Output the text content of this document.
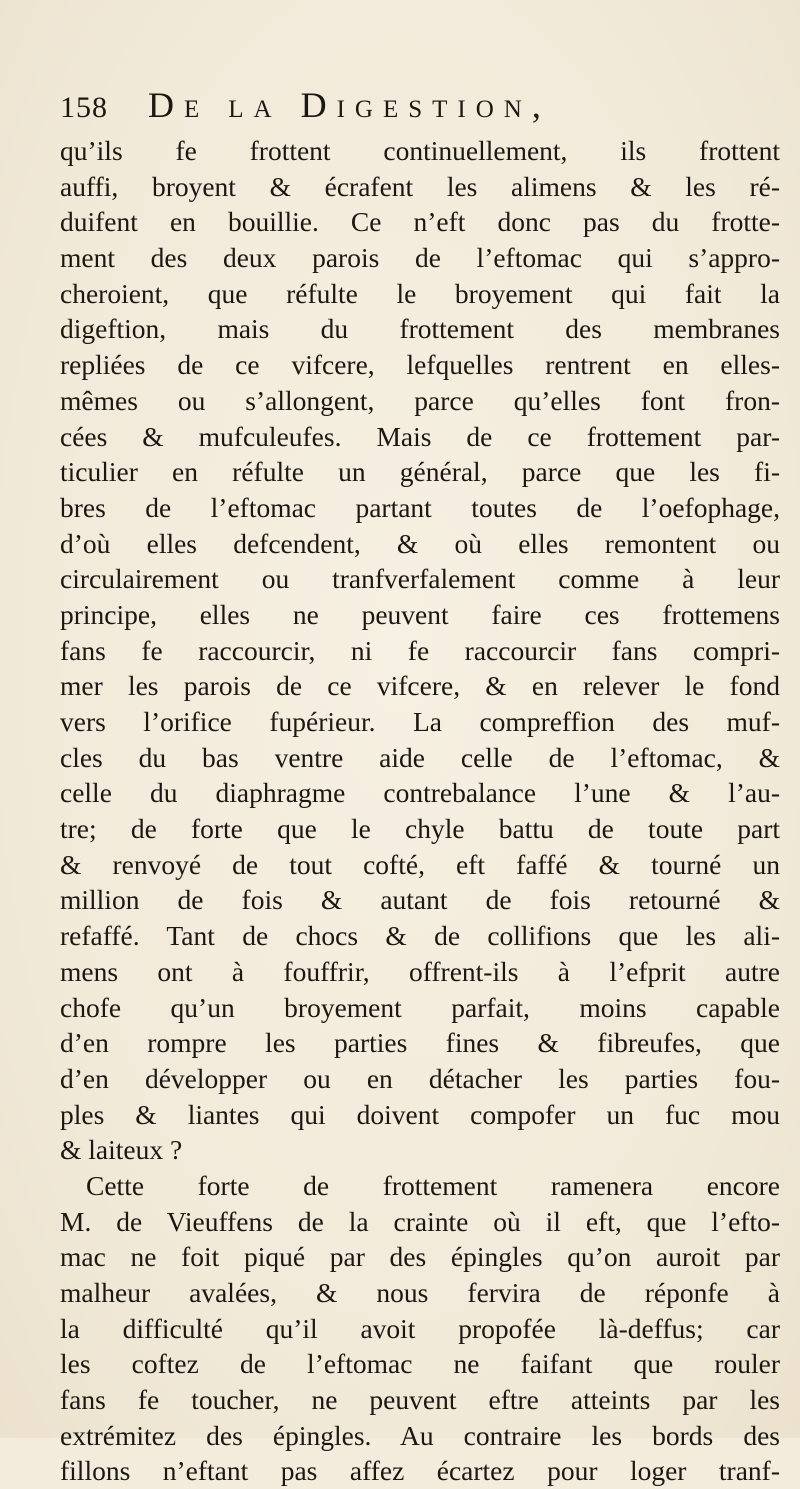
158 De la Digestion,
qu’ils fe frottent continuellement, ils frottent
auffi, broyent & écrafent les alimens & les ré-
duifent en bouillie. Ce n’eft donc pas du frotte-
ment des deux parois de l’eftomac qui s’appro-
cheroient, que réfulte le broyement qui fait la
digeftion, mais du frottement des membranes
repliées de ce vifcere, lefquelles rentrent en elles-
mêmes ou s’allongent, parce qu’elles font fron-
cées & mufculeufes. Mais de ce frottement par-
ticulier en réfulte un général, parce que les fi-
bres de l’eftomac partant toutes de l’oefophage,
d’où elles defcendent, & où elles remontent ou
circulairement ou tranfverfalement comme à leur
principe, elles ne peuvent faire ces frottemens
fans fe raccourcir, ni fe raccourcir fans compri-
mer les parois de ce vifcere, & en relever le fond
vers l’orifice fupérieur. La compreffion des muf-
cles du bas ventre aide celle de l’eftomac, &
celle du diaphragme contrebalance l’une & l’au-
tre; de forte que le chyle battu de toute part
& renvoyé de tout cofté, eft faffé & tourné un
million de fois & autant de fois retourné &
refaffé. Tant de chocs & de collifions que les ali-
mens ont à fouffrir, offrent-ils à l’efprit autre
chofe qu’un broyement parfait, moins capable
d’en rompre les parties fines & fibreufes, que
d’en développer ou en détacher les parties fou-
ples & liantes qui doivent compofer un fuc mou
& laiteux ?
Cette forte de frottement ramenera encore
M. de Vieuffens de la crainte où il eft, que l’efto-
mac ne foit piqué par des épingles qu’on auroit par
malheur avalées, & nous fervira de réponfe à
la difficulté qu’il avoit propofée là-deffus; car
les coftez de l’eftomac ne faifant que rouler
fans fe toucher, ne peuvent eftre atteints par les
extrémitez des épingles. Au contraire les bords des
fillons n’eftant pas affez écartez pour loger tranf-
